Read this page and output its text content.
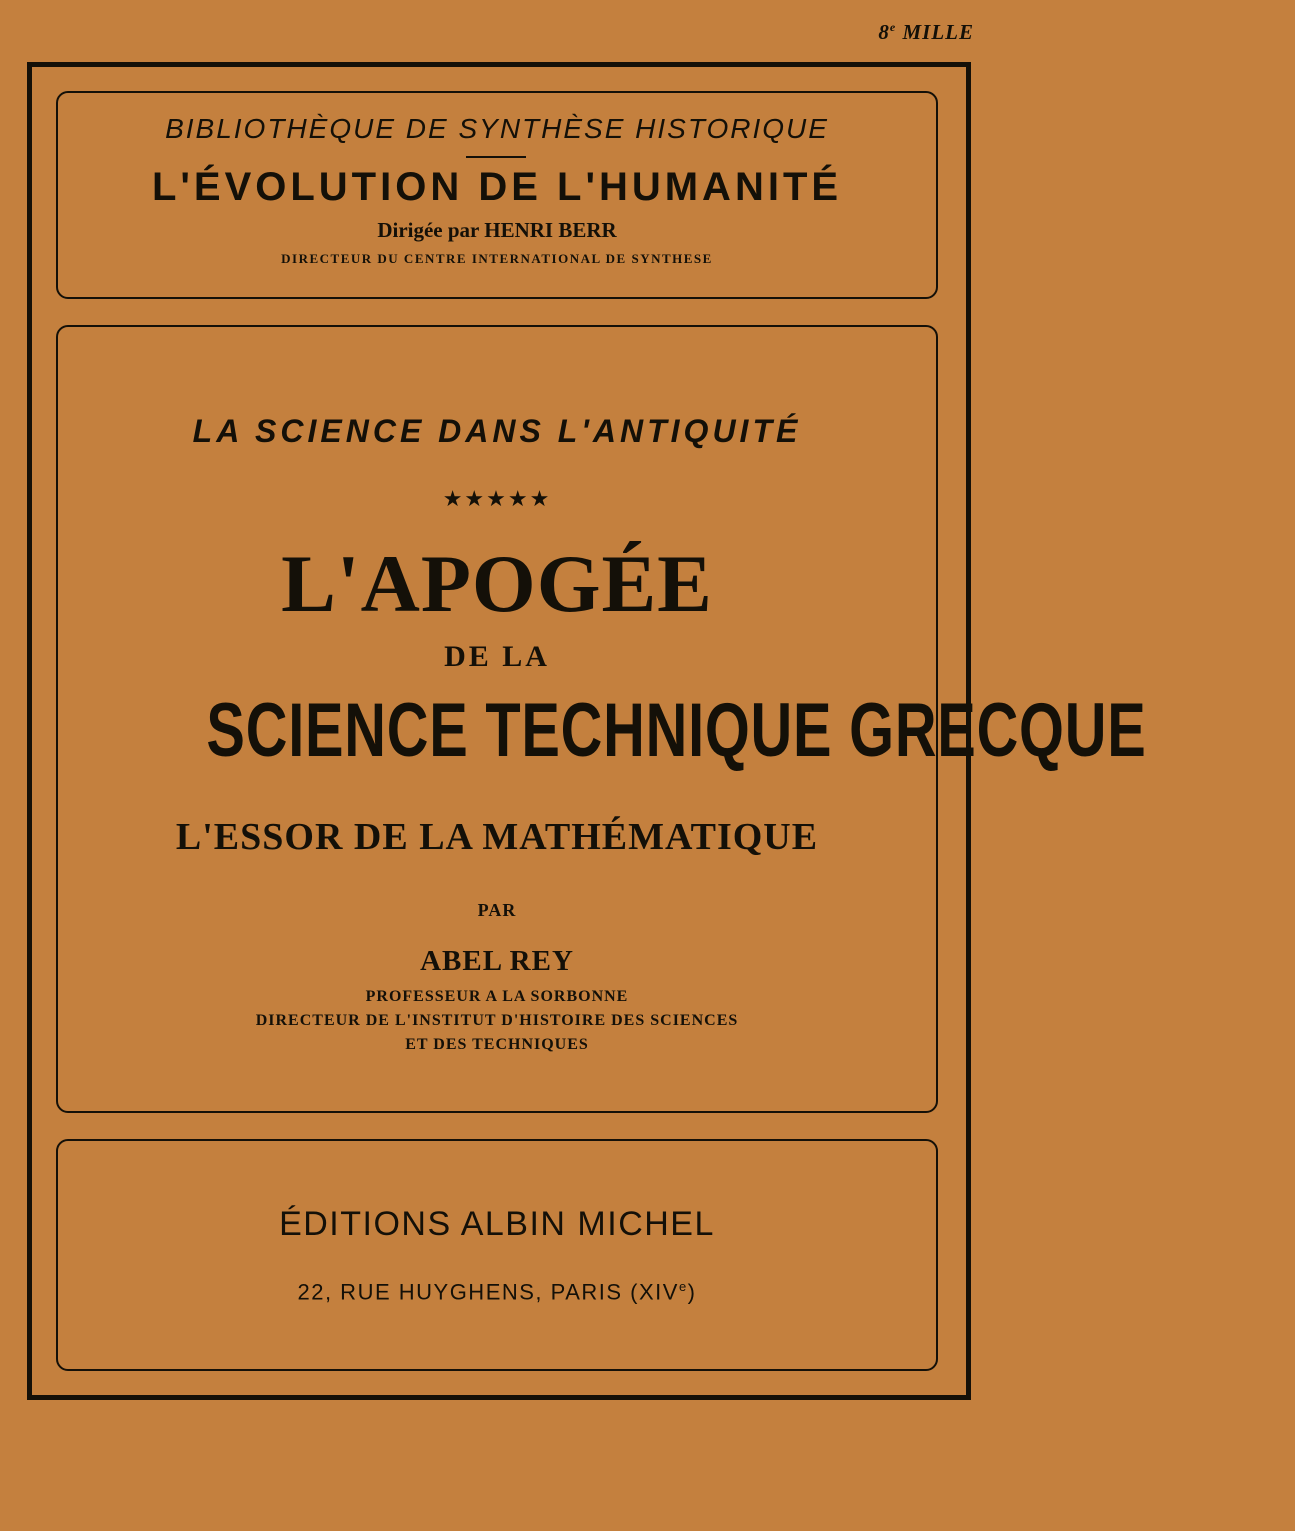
8e MILLE

BIBLIOTHÈQUE DE SYNTHÈSE HISTORIQUE

L'ÉVOLUTION DE L'HUMANITÉ

Dirigée par HENRI BERR

DIRECTEUR DU CENTRE INTERNATIONAL DE SYNTHESE

LA SCIENCE DANS L'ANTIQUITÉ

★★★★★

L'APOGÉE

DE LA

SCIENCE TECHNIQUE GRECQUE

L'ESSOR DE LA MATHÉMATIQUE

PAR

ABEL REY

PROFESSEUR A LA SORBONNE

DIRECTEUR DE L'INSTITUT D'HISTOIRE DES SCIENCES

ET DES TECHNIQUES

ÉDITIONS ALBIN MICHEL

22, RUE HUYGHENS, PARIS (XIVe)
